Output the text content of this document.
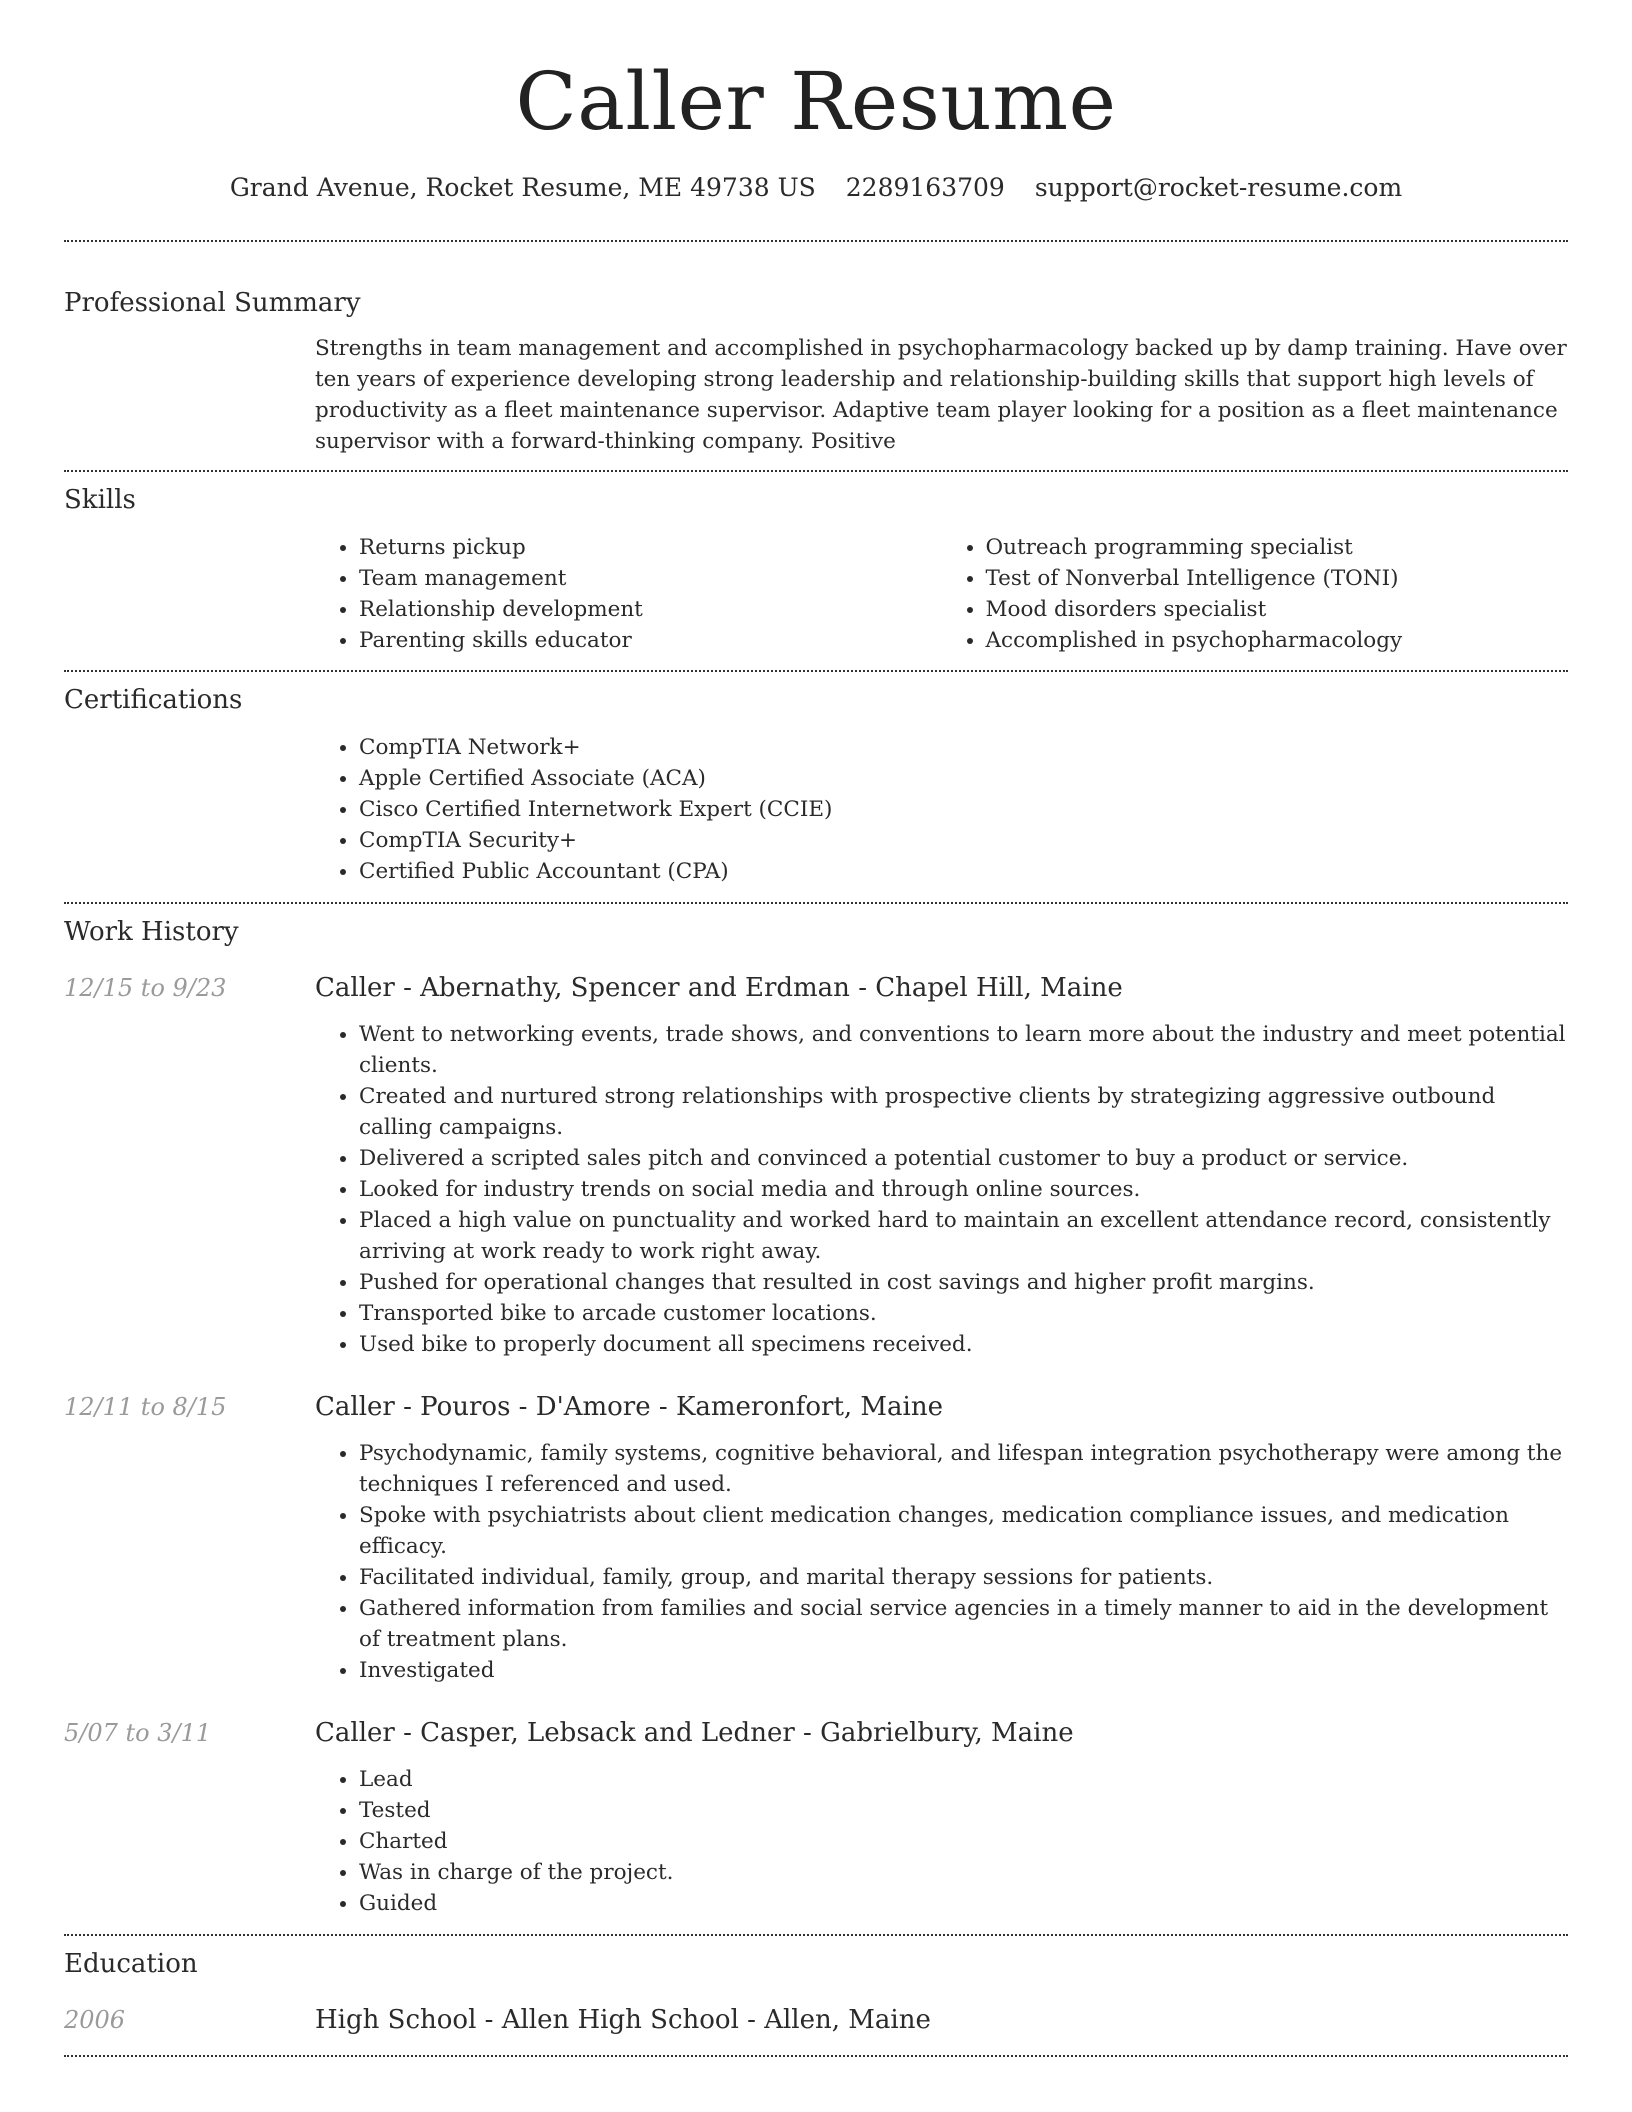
Caller Resume
Grand Avenue, Rocket Resume, ME 49738 US 2289163709 support@rocket-resume.com
Professional Summary
Strengths in team management and accomplished in psychopharmacology backed up by damp training. Have over ten years of experience developing strong leadership and relationship-building skills that support high levels of productivity as a fleet maintenance supervisor. Adaptive team player looking for a position as a fleet maintenance supervisor with a forward-thinking company. Positive
Skills
• Returns pickup
• Team management
• Relationship development
• Parenting skills educator
• Outreach programming specialist
• Test of Nonverbal Intelligence (TONI)
• Mood disorders specialist
• Accomplished in psychopharmacology
Certifications
• CompTIA Network+
• Apple Certified Associate (ACA)
• Cisco Certified Internetwork Expert (CCIE)
• CompTIA Security+
• Certified Public Accountant (CPA)
Work History
12/15 to 9/23	Caller - Abernathy, Spencer and Erdman - Chapel Hill, Maine
• Went to networking events, trade shows, and conventions to learn more about the industry and meet potential clients.
• Created and nurtured strong relationships with prospective clients by strategizing aggressive outbound calling campaigns.
• Delivered a scripted sales pitch and convinced a potential customer to buy a product or service.
• Looked for industry trends on social media and through online sources.
• Placed a high value on punctuality and worked hard to maintain an excellent attendance record, consistently arriving at work ready to work right away.
• Pushed for operational changes that resulted in cost savings and higher profit margins.
• Transported bike to arcade customer locations.
• Used bike to properly document all specimens received.
12/11 to 8/15	Caller - Pouros - D'Amore - Kameronfort, Maine
• Psychodynamic, family systems, cognitive behavioral, and lifespan integration psychotherapy were among the techniques I referenced and used.
• Spoke with psychiatrists about client medication changes, medication compliance issues, and medication efficacy.
• Facilitated individual, family, group, and marital therapy sessions for patients.
• Gathered information from families and social service agencies in a timely manner to aid in the development of treatment plans.
• Investigated
5/07 to 3/11	Caller - Casper, Lebsack and Ledner - Gabrielbury, Maine
• Lead
• Tested
• Charted
• Was in charge of the project.
• Guided
Education
2006	High School - Allen High School - Allen, Maine
